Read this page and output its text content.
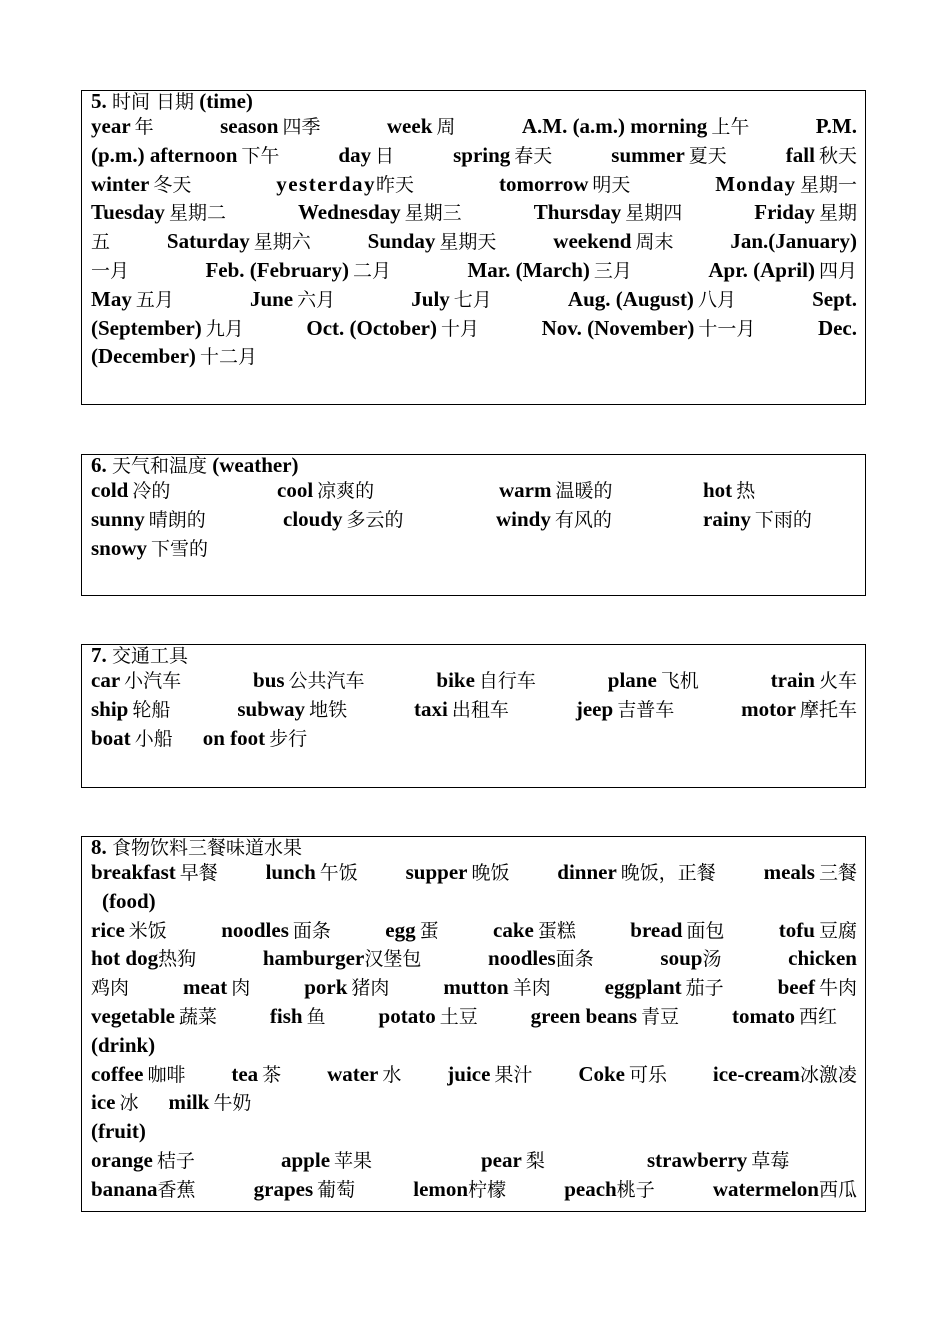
5. 时间 日期 (time)
year 年	season 四季	week 周	A.M. (a.m.) morning 上午	P.M.
(p.m.) afternoon 下午	day 日	spring 春天	summer 夏天	fall 秋天
winter 冬天	yesterday昨天	tomorrow 明天	Monday 星期一
Tuesday 星期二	Wednesday 星期三	Thursday 星期四	Friday 星期
五	Saturday 星期六	Sunday 星期天	weekend 周末	Jan.(January)
一月	Feb. (February) 二月	Mar. (March) 三月	Apr. (April) 四月
May 五月	June 六月	July 七月	Aug. (August) 八月	Sept.
(September) 九月	Oct. (October) 十月	Nov. (November) 十一月	Dec.
(December) 十二月
6. 天气和温度 (weather)
cold 冷的	cool 凉爽的	warm 温暖的	hot 热
sunny 晴朗的	cloudy 多云的	windy 有风的	rainy 下雨的
snowy 下雪的
7. 交通工具
car 小汽车	bus 公共汽车	bike 自行车	plane 飞机	train 火车
ship 轮船	subway 地铁	taxi 出租车	jeep 吉普车	motor 摩托车
boat 小船 on foot 步行
8. 食物饮料三餐味道水果
breakfast 早餐 lunch 午饭 supper 晚饭 dinner 晚饭，正餐 meals 三餐
(food)
rice 米饭	noodles 面条	egg 蛋	cake 蛋糕	bread 面包	tofu 豆腐
hot dog热狗	hamburger汉堡包	noodles面条	soup汤	chicken
鸡肉	meat 肉	pork 猪肉	mutton 羊肉	eggplant 茄子	beef 牛肉
vegetable 蔬菜	fish 鱼	potato 土豆	green beans 青豆	tomato 西红
(drink)
coffee 咖啡 tea 茶 water 水 juice 果汁 Coke 可乐 ice-cream冰激凌
ice 冰 milk 牛奶
(fruit)
orange 桔子	apple 苹果	pear 梨	strawberry 草莓
banana香蕉	grapes 葡萄	lemon柠檬	peach桃子	watermelon西瓜
